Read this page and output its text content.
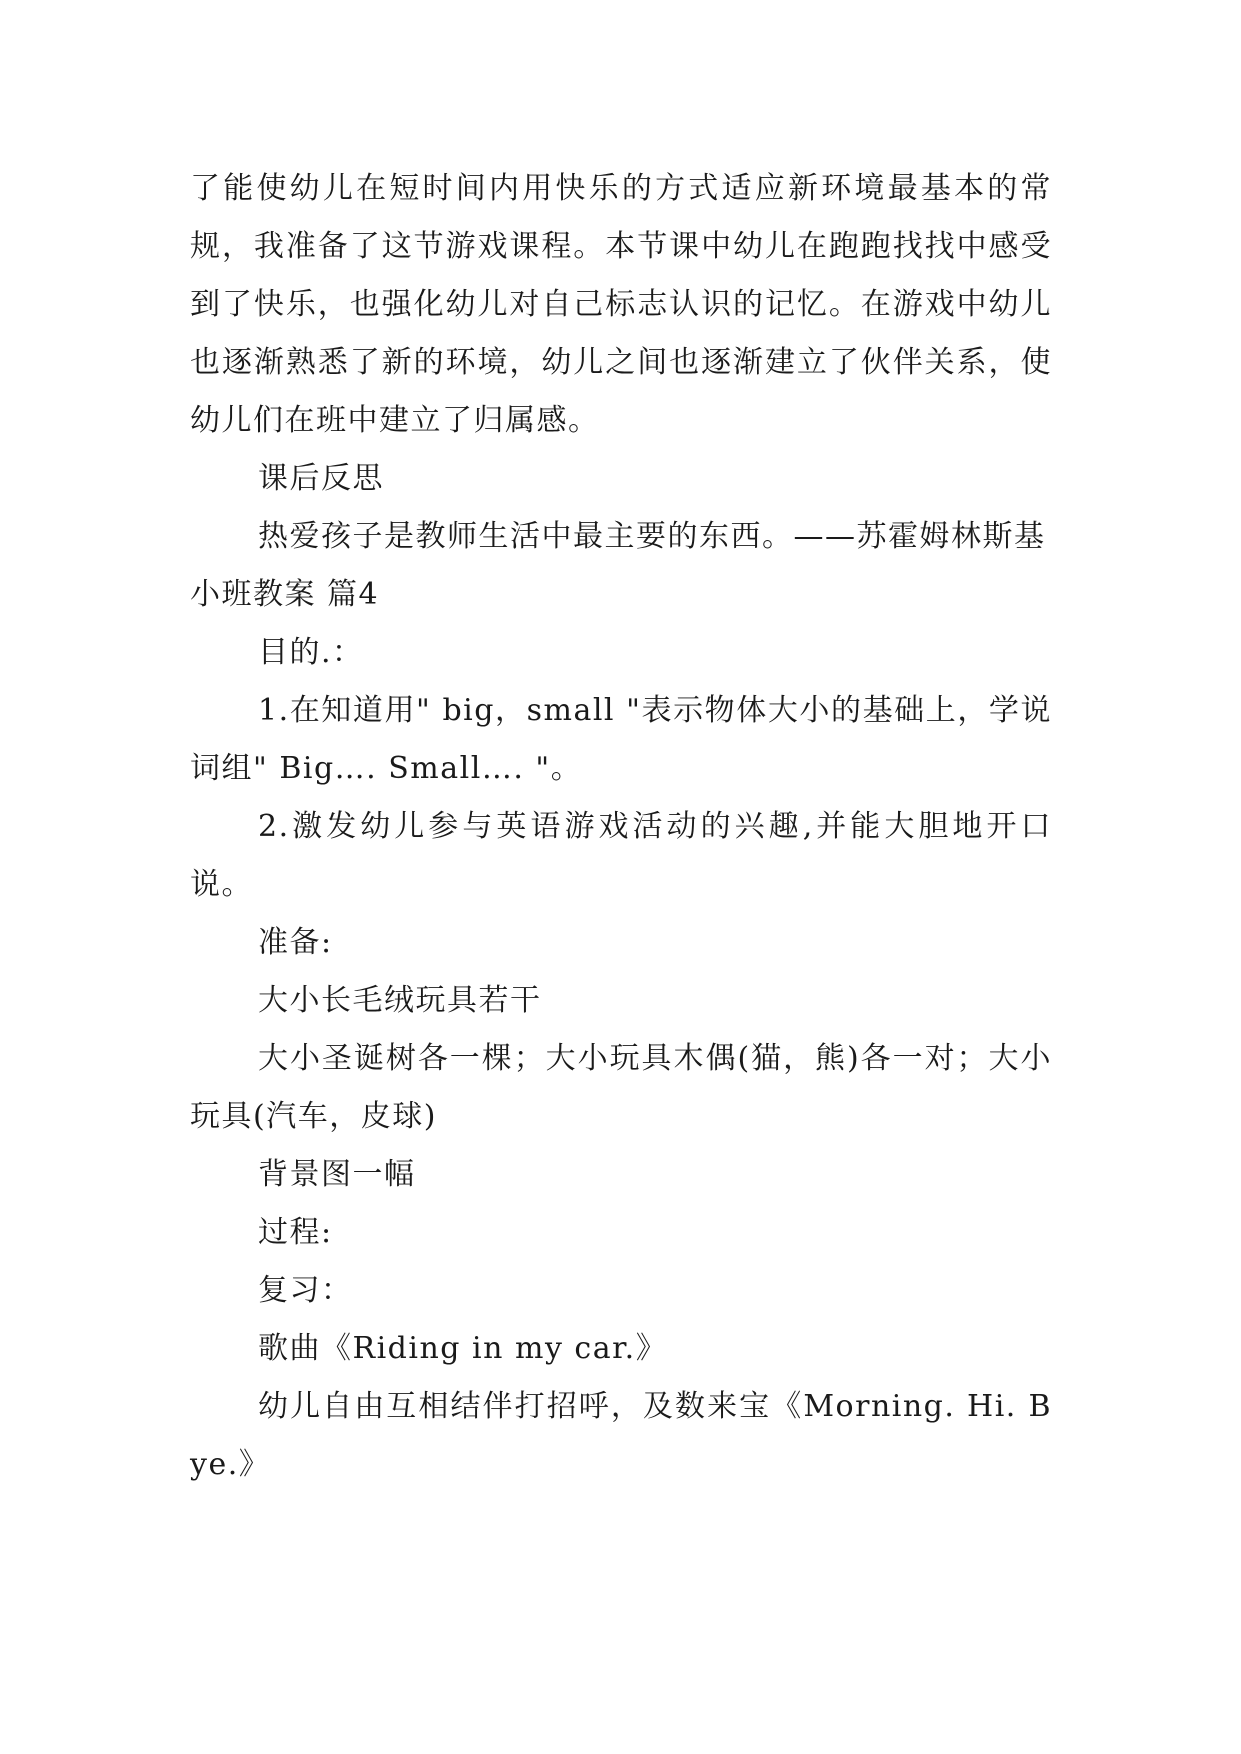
了能使幼儿在短时间内用快乐的方式适应新环境最基本的常规，我准备了这节游戏课程。本节课中幼儿在跑跑找找中感受到了快乐，也强化幼儿对自己标志认识的记忆。在游戏中幼儿也逐渐熟悉了新的环境，幼儿之间也逐渐建立了伙伴关系，使幼儿们在班中建立了归属感。

课后反思

热爱孩子是教师生活中最主要的东西。——苏霍姆林斯基

小班教案 篇4

目的.：

1.在知道用" big，small "表示物体大小的基础上，学说词组" Big…. Small…. "。

2.激发幼儿参与英语游戏活动的兴趣,并能大胆地开口说。

准备:

大小长毛绒玩具若干

大小圣诞树各一棵；大小玩具木偶(猫，熊)各一对；大小玩具(汽车，皮球)

背景图一幅

过程:

复习：

歌曲《Riding in my car.》

幼儿自由互相结伴打招呼，及数来宝《Morning. Hi. Bye.》
